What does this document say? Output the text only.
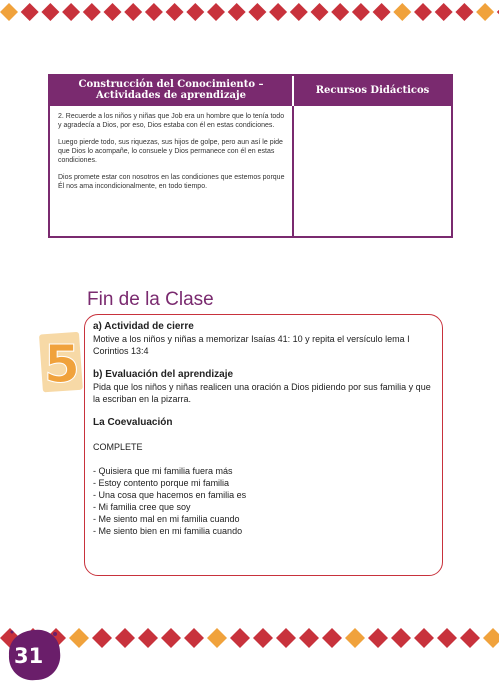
Construcción del Conocimiento –
Actividades de aprendizaje	Recursos Didácticos

2. Recuerde a los niños y niñas que Job era un hombre que lo tenía todo y agradecía a Dios, por eso, Dios estaba con él en estas condiciones.

Luego pierde todo, sus riquezas, sus hijos de golpe, pero aun así le pide que Dios lo acompañe, lo consuele y Dios permanece con él en estas condiciones.

Dios promete estar con nosotros en las condiciones que estemos porque Él nos ama incondicionalmente, en todo tiempo.

Fin de la Clase
a) Actividad de cierre
Motive a los niños y niñas a memorizar Isaías 41: 10 y repita el versículo lema I Corintios 13:4
b) Evaluación del aprendizaje
Pida que los niños y niñas realicen una oración a Dios pidiendo por sus familia y que la escriban en la pizarra.
La Coevaluación
COMPLETE
- Quisiera que mi familia fuera más
- Estoy contento porque mi familia
- Una cosa que hacemos en familia es
- Mi familia cree que soy
- Me siento mal en mi familia cuando
- Me siento bien en mi familia cuando
5
31
